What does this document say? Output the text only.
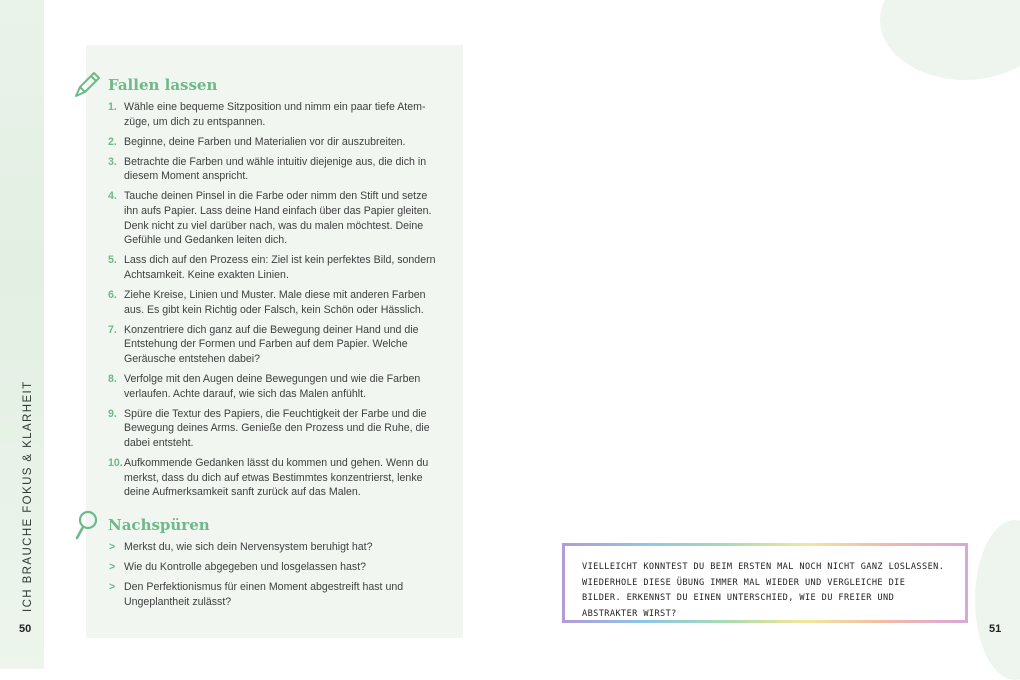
ICH BRAUCHE FOKUS & KLARHEIT
Fallen lassen
1. Wähle eine bequeme Sitzposition und nimm ein paar tiefe Atem-züge, um dich zu entspannen.
2. Beginne, deine Farben und Materialien vor dir auszubreiten.
3. Betrachte die Farben und wähle intuitiv diejenige aus, die dich in diesem Moment anspricht.
4. Tauche deinen Pinsel in die Farbe oder nimm den Stift und setze ihn aufs Papier. Lass deine Hand einfach über das Papier gleiten. Denk nicht zu viel darüber nach, was du malen möchtest. Deine Gefühle und Gedanken leiten dich.
5. Lass dich auf den Prozess ein: Ziel ist kein perfektes Bild, sondern Achtsamkeit. Keine exakten Linien.
6. Ziehe Kreise, Linien und Muster. Male diese mit anderen Farben aus. Es gibt kein Richtig oder Falsch, kein Schön oder Hässlich.
7. Konzentriere dich ganz auf die Bewegung deiner Hand und die Entstehung der Formen und Farben auf dem Papier. Welche Geräusche entstehen dabei?
8. Verfolge mit den Augen deine Bewegungen und wie die Farben verlaufen. Achte darauf, wie sich das Malen anfühlt.
9. Spüre die Textur des Papiers, die Feuchtigkeit der Farbe und die Bewegung deines Arms. Genieße den Prozess und die Ruhe, die dabei entsteht.
10. Aufkommende Gedanken lässt du kommen und gehen. Wenn du merkst, dass du dich auf etwas Bestimmtes konzentrierst, lenke deine Aufmerksamkeit sanft zurück auf das Malen.
Nachspüren
> Merkst du, wie sich dein Nervensystem beruhigt hat?
> Wie du Kontrolle abgegeben und losgelassen hast?
> Den Perfektionismus für einen Moment abgestreift hast und Ungeplantheit zulässt?
50	51
VIELLEICHT KONNTEST DU BEIM ERSTEN MAL NOCH NICHT GANZ LOSLASSEN. WIEDERHOLE DIESE ÜBUNG IMMER MAL WIEDER UND VERGLEICHE DIE BILDER. ERKENNST DU EINEN UNTERSCHIED, WIE DU FREIER UND ABSTRAKTER WIRST?
